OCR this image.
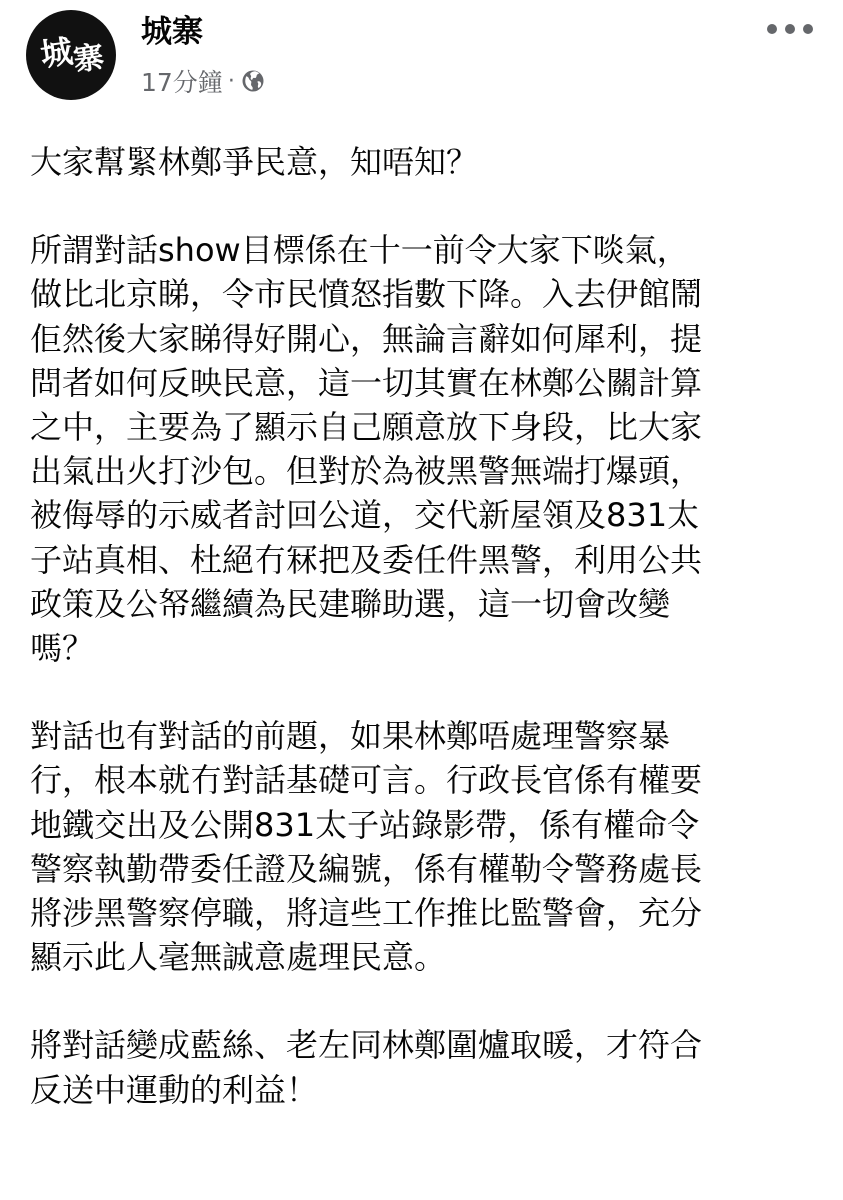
城
寨
城寨
17分鐘 ·

大家幫緊林鄭爭民意，知唔知？

所謂對話show目標係在十一前令大家下啖氣，
做比北京睇，令市民憤怒指數下降。入去伊館鬧
佢然後大家睇得好開心，無論言辭如何犀利，提
問者如何反映民意，這一切其實在林鄭公關計算
之中，主要為了顯示自己願意放下身段，比大家
出氣出火打沙包。但對於為被黑警無端打爆頭，
被侮辱的示威者討回公道，交代新屋領及831太
子站真相、杜絕冇冧把及委任件黑警，利用公共
政策及公帑繼續為民建聯助選，這一切會改變
嗎？

對話也有對話的前題，如果林鄭唔處理警察暴
行，根本就冇對話基礎可言。行政長官係有權要
地鐵交出及公開831太子站錄影帶，係有權命令
警察執勤帶委任證及編號，係有權勒令警務處長
將涉黑警察停職，將這些工作推比監警會，充分
顯示此人毫無誠意處理民意。

將對話變成藍絲、老左同林鄭圍爐取暖，才符合
反送中運動的利益！
